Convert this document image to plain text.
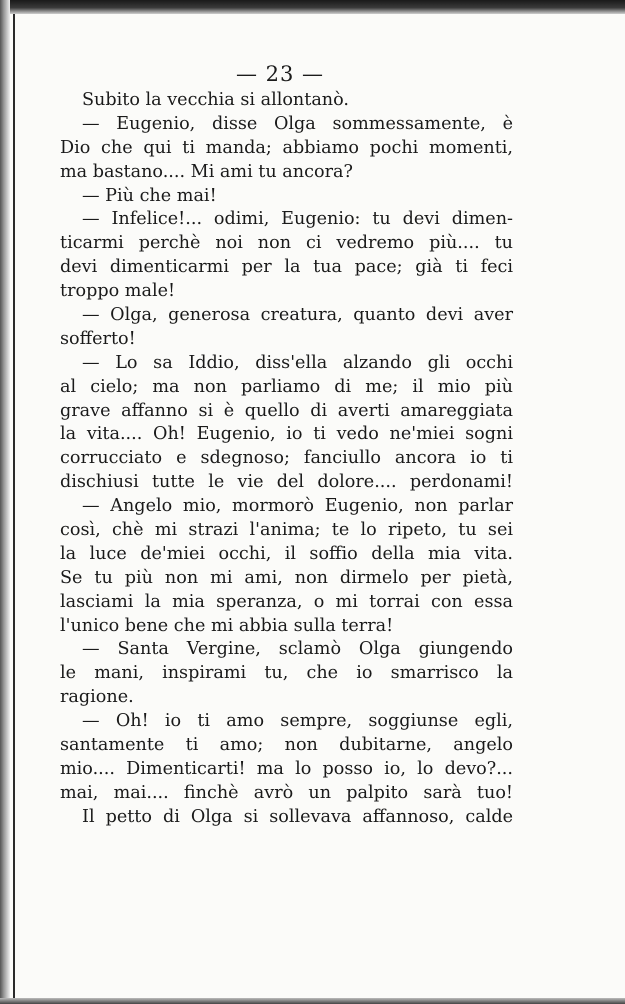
— 23 —
Subito la vecchia si allontanò.
— Eugenio, disse Olga sommessamente, è
Dio che qui ti manda; abbiamo pochi momenti,
ma bastano.... Mi ami tu ancora?
— Più che mai!
— Infelice!... odimi, Eugenio: tu devi dimen-
ticarmi perchè noi non ci vedremo più.... tu
devi dimenticarmi per la tua pace; già ti feci
troppo male!
— Olga, generosa creatura, quanto devi aver
sofferto!
— Lo sa Iddio, diss'ella alzando gli occhi
al cielo; ma non parliamo di me; il mio più
grave affanno si è quello di averti amareggiata
la vita.... Oh! Eugenio, io ti vedo ne'miei sogni
corrucciato e sdegnoso; fanciullo ancora io ti
dischiusi tutte le vie del dolore.... perdonami!
— Angelo mio, mormorò Eugenio, non parlar
così, chè mi strazi l'anima; te lo ripeto, tu sei
la luce de'miei occhi, il soffio della mia vita.
Se tu più non mi ami, non dirmelo per pietà,
lasciami la mia speranza, o mi torrai con essa
l'unico bene che mi abbia sulla terra!
— Santa Vergine, sclamò Olga giungendo
le mani, inspirami tu, che io smarrisco la
ragione.
— Oh! io ti amo sempre, soggiunse egli,
santamente ti amo; non dubitarne, angelo
mio.... Dimenticarti! ma lo posso io, lo devo?...
mai, mai.... finchè avrò un palpito sarà tuo!
Il petto di Olga si sollevava affannoso, calde
